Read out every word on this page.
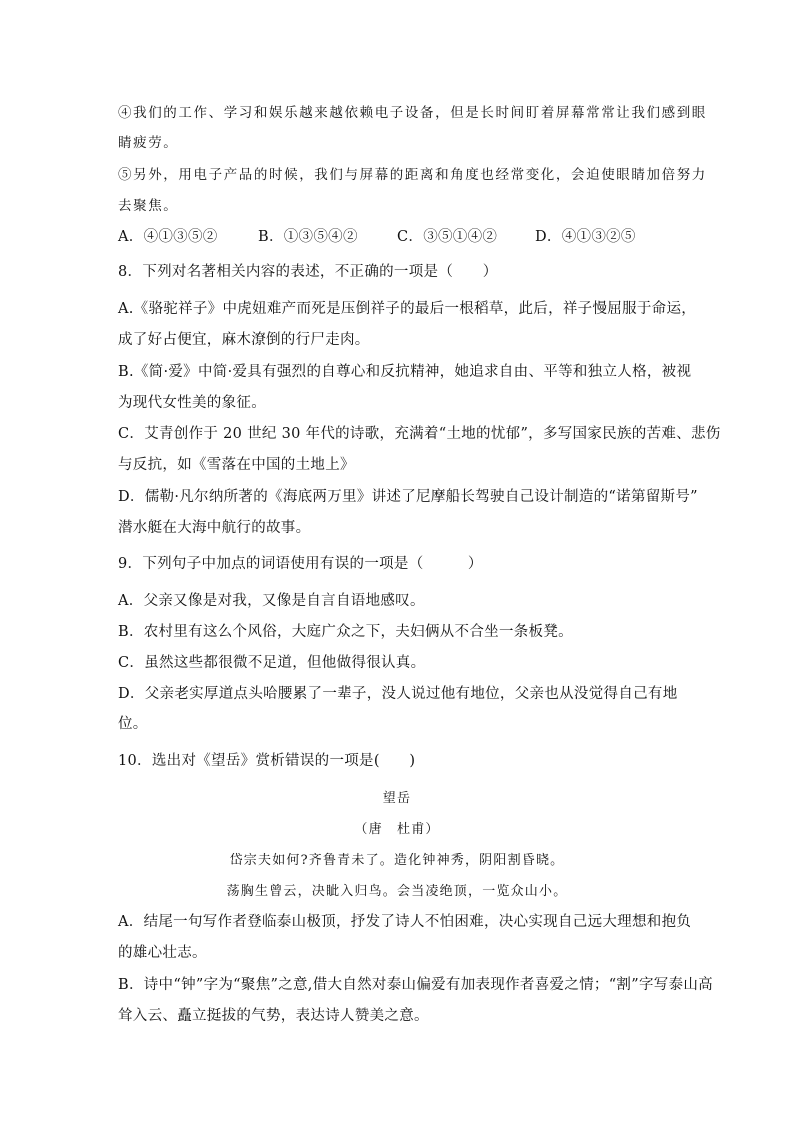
④我们的工作、学习和娱乐越来越依赖电子设备，但是长时间盯着屏幕常常让我们感到眼
睛疲劳。
⑤另外，用电子产品的时候，我们与屏幕的距离和角度也经常变化，会迫使眼睛加倍努力
去聚焦。
A．④①③⑤②	B．①③⑤④②	C．③⑤①④②	D．④①③②⑤
8．下列对名著相关内容的表述，不正确的一项是（　　）
A.《骆驼祥子》中虎妞难产而死是压倒祥子的最后一根稻草，此后，祥子慢屈服于命运，
成了好占便宜，麻木潦倒的行尸走肉。
B.《简·爱》中简·爱具有强烈的自尊心和反抗精神，她追求自由、平等和独立人格，被视
为现代女性美的象征。
C．艾青创作于 20 世纪 30 年代的诗歌，充满着“土地的忧郁”，多写国家民族的苦难、悲伤
与反抗，如《雪落在中国的土地上》
D．儒勒·凡尔纳所著的《海底两万里》讲述了尼摩船长驾驶自己设计制造的“诺第留斯号”
潜水艇在大海中航行的故事。
9．下列句子中加点的词语使用有误的一项是（　　　）
A．父亲又像是对我，又像是自言自语地感叹。
B．农村里有这么个风俗，大庭广众之下，夫妇俩从不合坐一条板凳。
C．虽然这些都很微不足道，但他做得很认真。
D．父亲老实厚道点头哈腰累了一辈子，没人说过他有地位，父亲也从没觉得自己有地
位。
10．选出对《望岳》赏析错误的一项是(　　)
望岳
（唐　杜甫）
岱宗夫如何?齐鲁青未了。造化钟神秀，阴阳割昏晓。
荡胸生曾云，决眦入归鸟。会当凌绝顶，一览众山小。
A．结尾一句写作者登临泰山极顶，抒发了诗人不怕困难，决心实现自己远大理想和抱负
的雄心壮志。
B．诗中“钟”字为“聚焦”之意,借大自然对泰山偏爱有加表现作者喜爱之情；“割”字写泰山高
耸入云、矗立挺拔的气势，表达诗人赞美之意。
